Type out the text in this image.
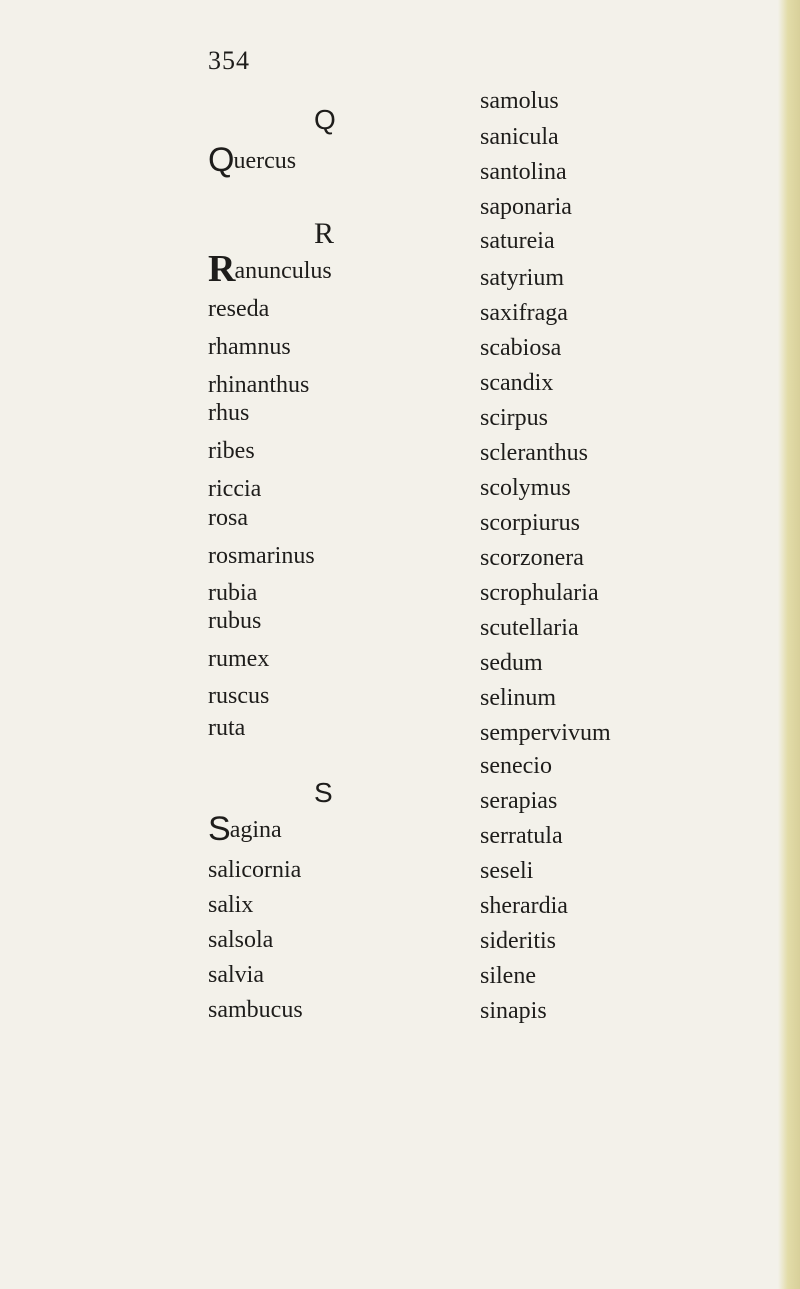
354
Q
Quercus
R
Ranunculus
reseda
rhamnus
rhinanthus
rhus
ribes
riccia
rosa
rosmarinus
rubia
rubus
rumex
ruscus
ruta
S
Sagina
salicornia
salix
salsola
salvia
sambucus
samolus
sanicula
santolina
saponaria
satureia
satyrium
saxifraga
scabiosa
scandix
scirpus
scleranthus
scolymus
scorpiurus
scorzonera
scrophularia
scutellaria
sedum
selinum
sempervivum
senecio
serapias
serratula
seseli
sherardia
sideritis
silene
sinapis
